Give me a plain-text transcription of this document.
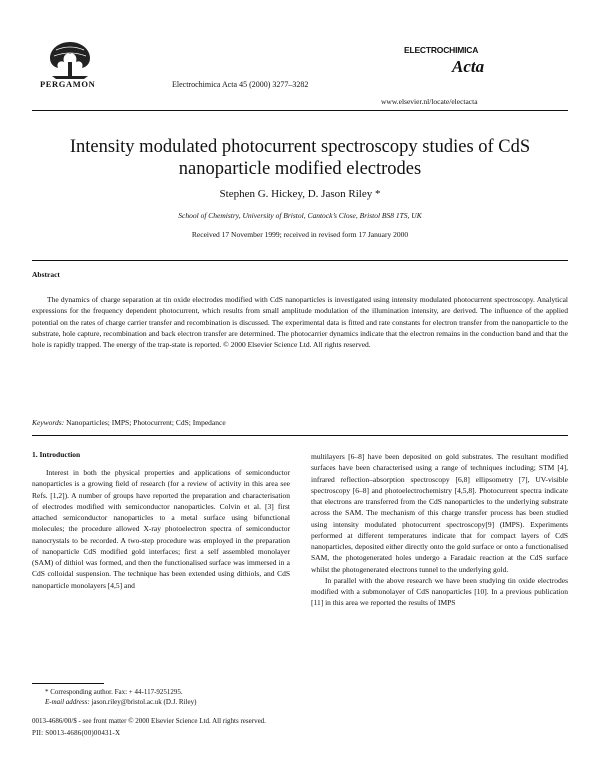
PERGAMON	Electrochimica Acta 45 (2000) 3277–3282
ELECTROCHIMICA
Acta
www.elsevier.nl/locate/electacta
Intensity modulated photocurrent spectroscopy studies of CdS nanoparticle modified electrodes
Stephen G. Hickey, D. Jason Riley *
School of Chemistry, University of Bristol, Cantock’s Close, Bristol BS8 1TS, UK
Received 17 November 1999; received in revised form 17 January 2000
Abstract
The dynamics of charge separation at tin oxide electrodes modified with CdS nanoparticles is investigated using intensity modulated photocurrent spectroscopy. Analytical expressions for the frequency dependent photocurrent, which results from small amplitude modulation of the illumination intensity, are derived. The influence of the applied potential on the rates of charge carrier transfer and recombination is discussed. The experimental data is fitted and rate constants for electron transfer from the nanoparticle to the substrate, hole capture, recombination and back electron transfer are determined. The photocarrier dynamics indicate that the electron remains in the conduction band and that the hole is rapidly trapped. The energy of the trap-state is reported. © 2000 Elsevier Science Ltd. All rights reserved.
Keywords: Nanoparticles; IMPS; Photocurrent; CdS; Impedance
1. Introduction

Interest in both the physical properties and applications of semiconductor nanoparticles is a growing field of research (for a review of activity in this area see Refs. [1,2]). A number of groups have reported the preparation and characterisation of electrodes modified with semiconductor nanoparticles. Colvin et al. [3] first attached semiconductor nanoparticles to a metal surface using bifunctional molecules; the procedure allowed X-ray photoelectron spectra of semiconductor nanocrystals to be recorded. A two-step procedure was employed in the preparation of nanoparticle CdS modified gold interfaces; first a self assembled monolayer (SAM) of dithiol was formed, and then the functionalised surface was immersed in a CdS colloidal suspension. The technique has been extended using dithiols, and CdS nanoparticle monolayers [4,5] and

multilayers [6–8] have been deposited on gold substrates. The resultant modified surfaces have been characterised using a range of techniques including; STM [4], infrared reflection–absorption spectroscopy [6,8] ellipsometry [7], UV-visible spectroscopy [6–8] and photoelectrochemistry [4,5,8]. Photocurrent spectra indicate that electrons are transferred from the CdS nanoparticles to the underlying substrate across the SAM. The mechanism of this charge transfer process has been studied using intensity modulated photocurrent spectroscopy[9] (IMPS). Experiments performed at different temperatures indicate that for compact layers of CdS nanoparticles, deposited either directly onto the gold surface or onto a functionalised SAM, the photogenerated holes undergo a Faradaic reaction at the CdS surface whilst the photogenerated electrons tunnel to the underlying gold.

In parallel with the above research we have been studying tin oxide electrodes modified with a submonolayer of CdS nanoparticles [10]. In a previous publication [11] in this area we reported the results of IMPS

* Corresponding author. Fax: + 44-117-9251295.
E-mail address: jason.riley@bristol.ac.uk (D.J. Riley)
0013-4686/00/$ - see front matter © 2000 Elsevier Science Ltd. All rights reserved.
PII: S0013-4686(00)00431-X
